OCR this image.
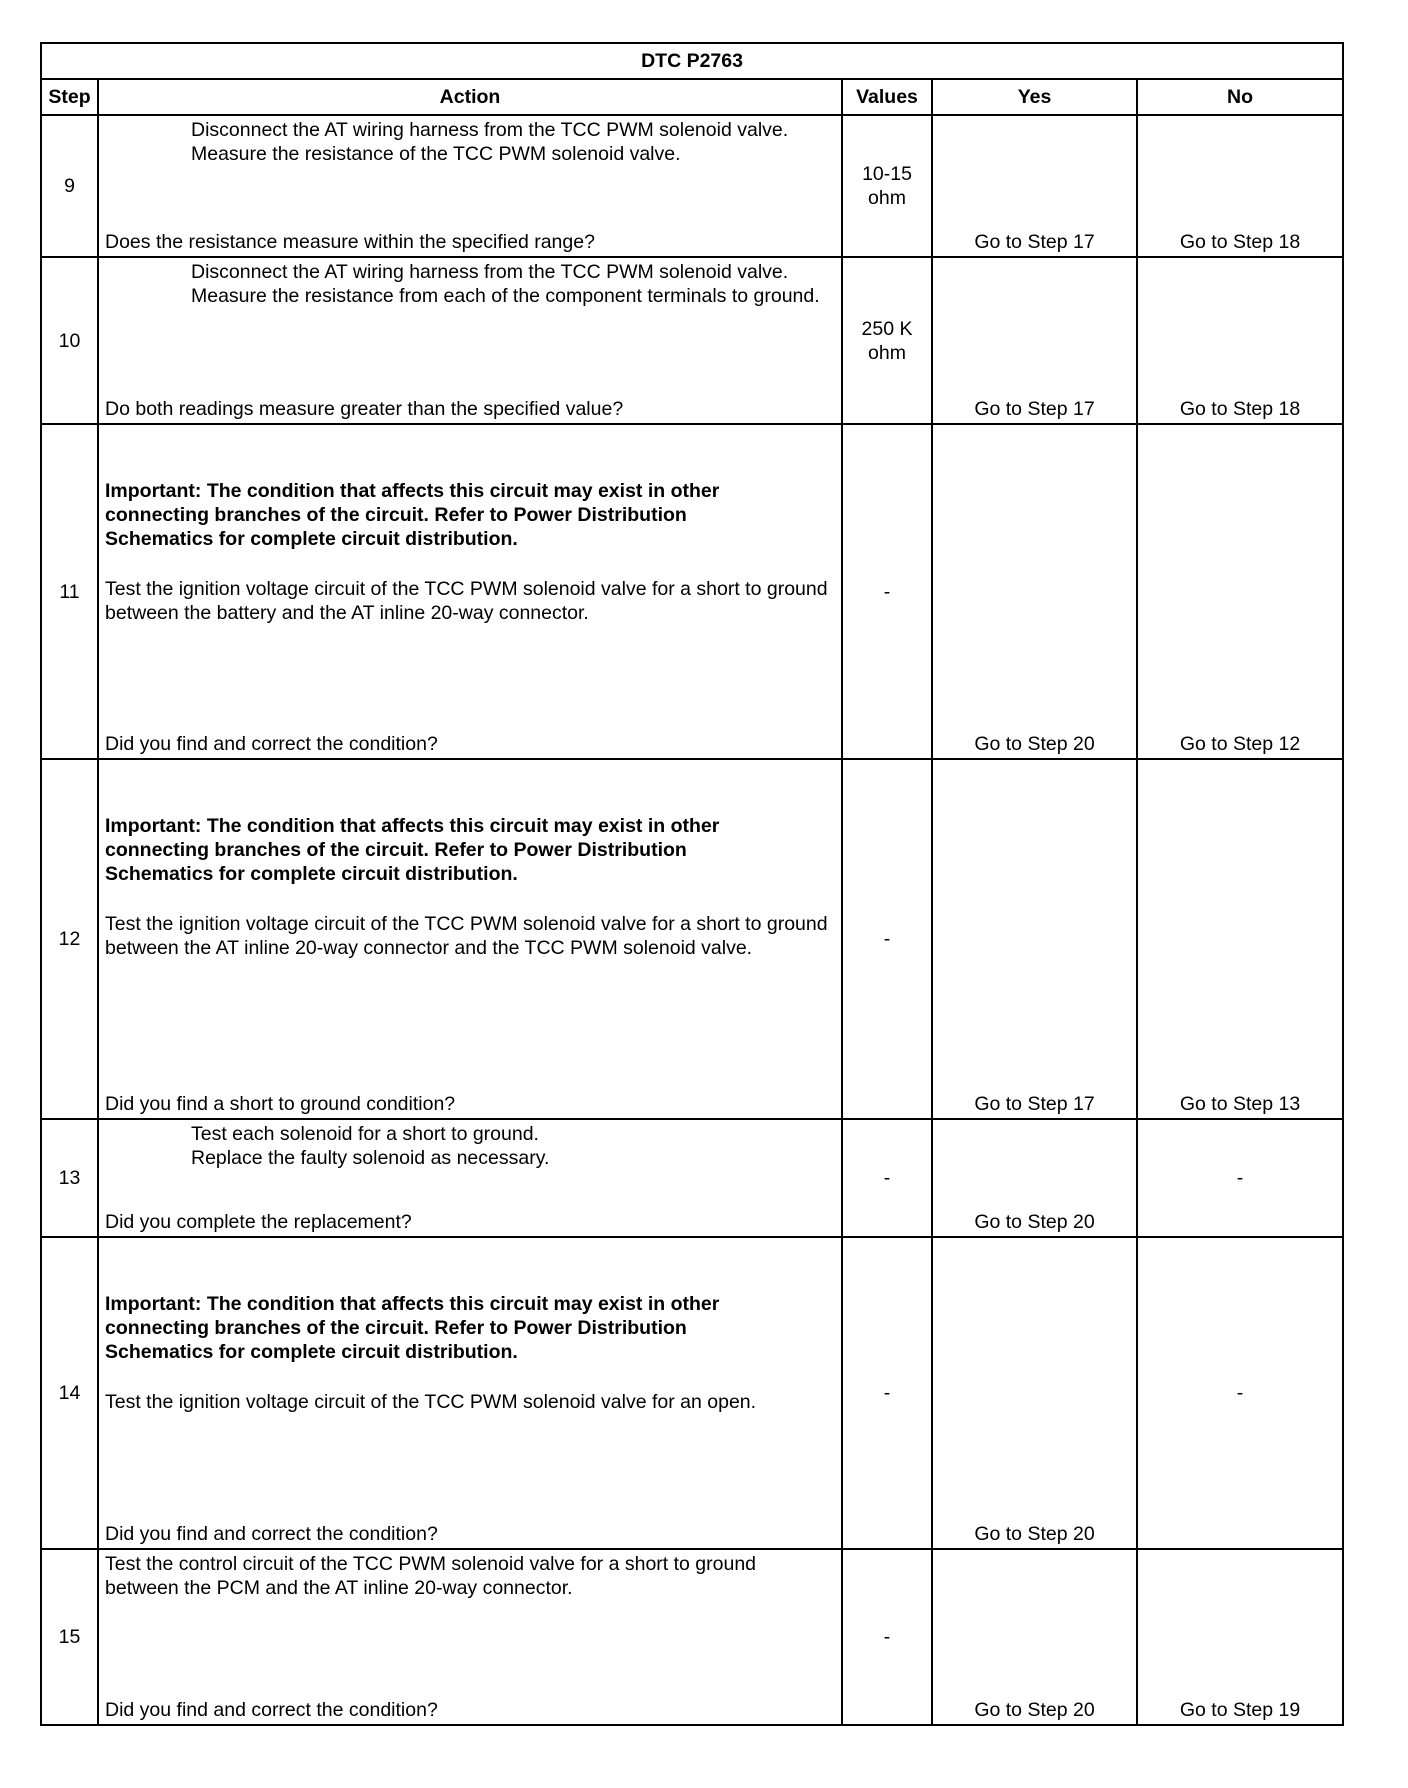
DTC P2763				
Step	Action	Values	Yes	No
9	Disconnect the AT wiring harness from the TCC PWM solenoid valve.
Measure the resistance of the TCC PWM solenoid valve.
Does the resistance measure within the specified range?	10-15 ohm	Go to Step 17	Go to Step 18

10	Disconnect the AT wiring harness from the TCC PWM solenoid valve.
Measure the resistance from each of the component terminals to ground.
Do both readings measure greater than the specified value?	250 K ohm	Go to Step 17	Go to Step 18

11	Important: The condition that affects this circuit may exist in other connecting branches of the circuit. Refer to Power Distribution Schematics for complete circuit distribution.
Test the ignition voltage circuit of the TCC PWM solenoid valve for a short to ground between the battery and the AT inline 20-way connector.
Did you find and correct the condition?	-	Go to Step 20	Go to Step 12

12	Important: The condition that affects this circuit may exist in other connecting branches of the circuit. Refer to Power Distribution Schematics for complete circuit distribution.
Test the ignition voltage circuit of the TCC PWM solenoid valve for a short to ground between the AT inline 20-way connector and the TCC PWM solenoid valve.
Did you find a short to ground condition?	-	Go to Step 17	Go to Step 13

13	Test each solenoid for a short to ground.
Replace the faulty solenoid as necessary.
Did you complete the replacement?	-	Go to Step 20	-

14	Important: The condition that affects this circuit may exist in other connecting branches of the circuit. Refer to Power Distribution Schematics for complete circuit distribution.
Test the ignition voltage circuit of the TCC PWM solenoid valve for an open.
Did you find and correct the condition?	-	Go to Step 20	-

15	Test the control circuit of the TCC PWM solenoid valve for a short to ground between the PCM and the AT inline 20-way connector.
Did you find and correct the condition?	-	Go to Step 20	Go to Step 19
